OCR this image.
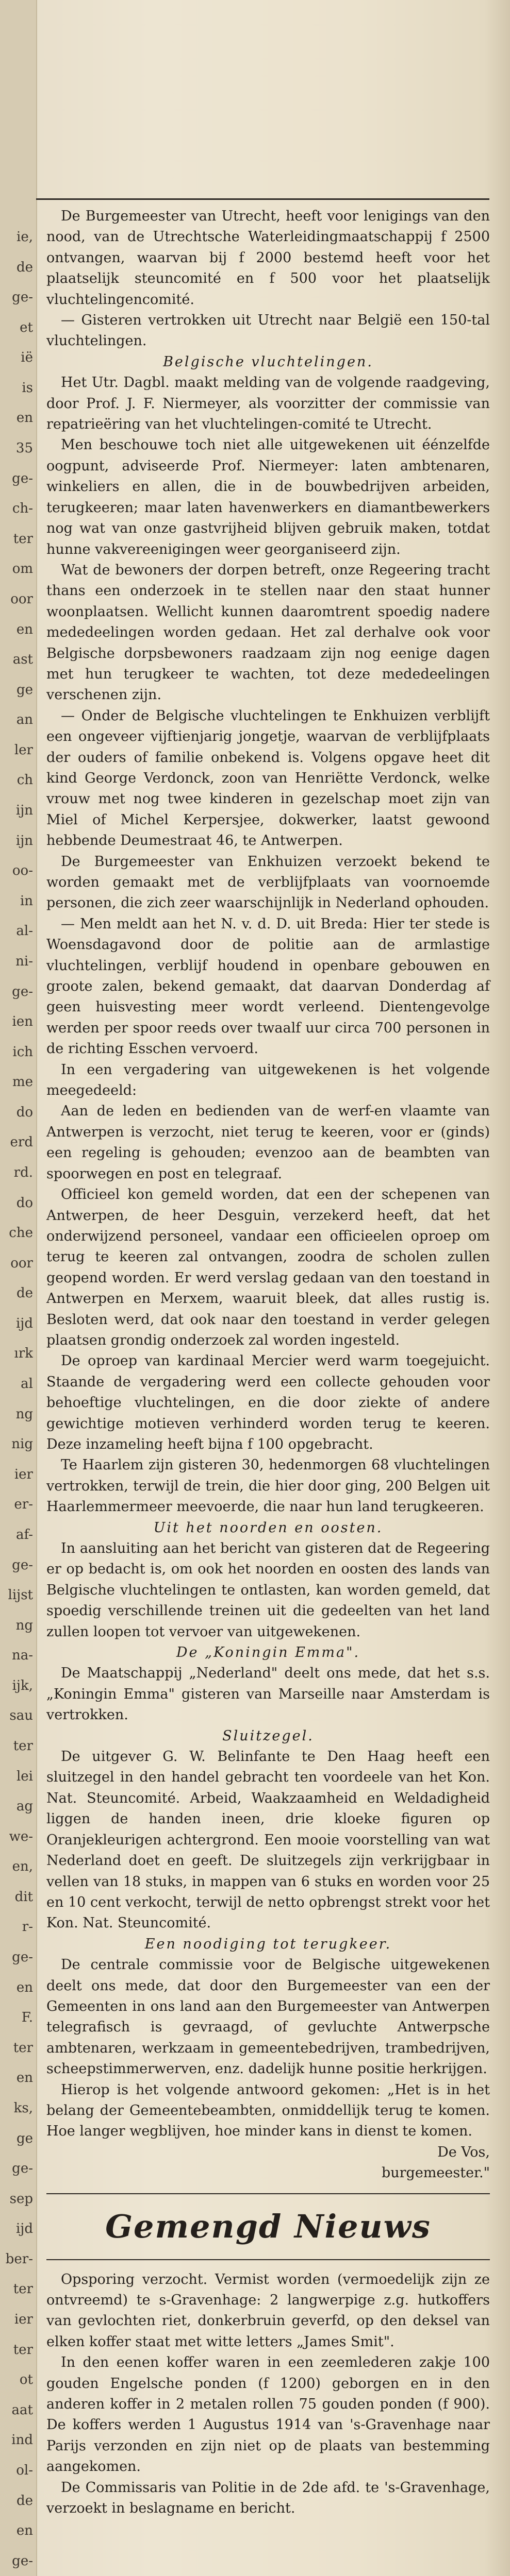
ie,
de
ge-
et
ië
is
en
35
ge-
ch-
ter
om
oor
en
ast
ge
an
ler
ch
ijn
ijn
oo-
in
al-
ni-
ge-
ien
ich
me
do
erd
rd.
do
che
oor
de
ijd
ırk
al
ng
nig
ier
er-
af-
ge-
lijst
ng
na-
ijk,
sau
ter
lei
ag
we-
en,
dit
r-
ge-
en
F.
ter
en
ks,
ge
ge-
sep
ijd
ber-
ter
ier
ter
ot
aat
ind
ol-
de
en
ge-

De Burgemeester van Utrecht, heeft voor lenigings van den nood, van de Utrechtsche Waterleidingmaatschappij f 2500 ontvangen, waarvan bij f 2000 bestemd heeft voor het plaatselijk steuncomité en f 500 voor het plaatselijk vluchtelingencomité.

— Gisteren vertrokken uit Utrecht naar België een 150-tal vluchtelingen.

Belgische vluchtelingen.

Het Utr. Dagbl. maakt melding van de volgende raadgeving, door Prof. J. F. Niermeyer, als voorzitter der commissie van repatrieëring van het vluchtelingen-comité te Utrecht.

Men beschouwe toch niet alle uitgewekenen uit éénzelfde oogpunt, adviseerde Prof. Niermeyer: laten ambtenaren, winkeliers en allen, die in de bouwbedrijven arbeiden, terugkeeren; maar laten havenwerkers en diamantbewerkers nog wat van onze gastvrijheid blijven gebruik maken, totdat hunne vakvereenigingen weer georganiseerd zijn.

Wat de bewoners der dorpen betreft, onze Regeering tracht thans een onderzoek in te stellen naar den staat hunner woonplaatsen. Wellicht kunnen daaromtrent spoedig nadere mededeelingen worden gedaan. Het zal derhalve ook voor Belgische dorpsbewoners raadzaam zijn nog eenige dagen met hun terugkeer te wachten, tot deze mededeelingen verschenen zijn.

— Onder de Belgische vluchtelingen te Enkhuizen verblijft een ongeveer vijftienjarig jongetje, waarvan de verblijfplaats der ouders of familie onbekend is. Volgens opgave heet dit kind George Verdonck, zoon van Henriëtte Verdonck, welke vrouw met nog twee kinderen in gezelschap moet zijn van Miel of Michel Kerpersjee, dokwerker, laatst gewoond hebbende Deumestraat 46, te Antwerpen.

De Burgemeester van Enkhuizen verzoekt bekend te worden gemaakt met de verblijfplaats van voornoemde personen, die zich zeer waarschijnlijk in Nederland ophouden.

— Men meldt aan het N. v. d. D. uit Breda: Hier ter stede is Woensdagavond door de politie aan de armlastige vluchtelingen, verblijf houdend in openbare gebouwen en groote zalen, bekend gemaakt, dat daarvan Donderdag af geen huisvesting meer wordt verleend. Dientengevolge werden per spoor reeds over twaalf uur circa 700 personen in de richting Esschen vervoerd.

In een vergadering van uitgewekenen is het volgende meegedeeld:

Aan de leden en bedienden van de werf-en vlaamte van Antwerpen is verzocht, niet terug te keeren, voor er (ginds) een regeling is gehouden; evenzoo aan de beambten van spoorwegen en post en telegraaf.

Officieel kon gemeld worden, dat een der schepenen van Antwerpen, de heer Desguin, verzekerd heeft, dat het onderwijzend personeel, vandaar een officieelen oproep om terug te keeren zal ontvangen, zoodra de scholen zullen geopend worden. Er werd verslag gedaan van den toestand in Antwerpen en Merxem, waaruit bleek, dat alles rustig is. Besloten werd, dat ook naar den toestand in verder gelegen plaatsen grondig onderzoek zal worden ingesteld.

De oproep van kardinaal Mercier werd warm toegejuicht. Staande de vergadering werd een collecte gehouden voor behoeftige vluchtelingen, en die door ziekte of andere gewichtige motieven verhinderd worden terug te keeren. Deze inzameling heeft bijna f 100 opgebracht.

Te Haarlem zijn gisteren 30, hedenmorgen 68 vluchtelingen vertrokken, terwijl de trein, die hier door ging, 200 Belgen uit Haarlemmermeer meevoerde, die naar hun land terugkeeren.

Uit het noorden en oosten.

In aansluiting aan het bericht van gisteren dat de Regeering er op bedacht is, om ook het noorden en oosten des lands van Belgische vluchtelingen te ontlasten, kan worden gemeld, dat spoedig verschillende treinen uit die gedeelten van het land zullen loopen tot vervoer van uitgewekenen.

De „Koningin Emma".

De Maatschappij „Nederland" deelt ons mede, dat het s.s. „Koningin Emma" gisteren van Marseille naar Amsterdam is vertrokken.

Sluitzegel.

De uitgever G. W. Belinfante te Den Haag heeft een sluitzegel in den handel gebracht ten voordeele van het Kon. Nat. Steuncomité. Arbeid, Waakzaamheid en Weldadigheid liggen de handen ineen, drie kloeke figuren op Oranjekleurigen achtergrond. Een mooie voorstelling van wat Nederland doet en geeft. De sluitzegels zijn verkrijgbaar in vellen van 18 stuks, in mappen van 6 stuks en worden voor 25 en 10 cent verkocht, terwijl de netto opbrengst strekt voor het Kon. Nat. Steuncomité.

Een noodiging tot terugkeer.

De centrale commissie voor de Belgische uitgewekenen deelt ons mede, dat door den Burgemeester van een der Gemeenten in ons land aan den Burgemeester van Antwerpen telegrafisch is gevraagd, of gevluchte Antwerpsche ambtenaren, werkzaam in gemeentebedrijven, trambedrijven, scheepstimmerwerven, enz. dadelijk hunne positie herkrijgen.

Hierop is het volgende antwoord gekomen: „Het is in het belang der Gemeentebeambten, onmiddellijk terug te komen. Hoe langer wegblijven, hoe minder kans in dienst te komen.

De Vos,

burgemeester."

Gemengd Nieuws

Opsporing verzocht. Vermist worden (vermoedelijk zijn ze ontvreemd) te s-Gravenhage: 2 langwerpige z.g. hutkoffers van gevlochten riet, donkerbruin geverfd, op den deksel van elken koffer staat met witte letters „James Smit".

In den eenen koffer waren in een zeemlederen zakje 100 gouden Engelsche ponden (f 1200) geborgen en in den anderen koffer in 2 metalen rollen 75 gouden ponden (f 900). De koffers werden 1 Augustus 1914 van 's-Gravenhage naar Parijs verzonden en zijn niet op de plaats van bestemming aangekomen.

De Commissaris van Politie in de 2de afd. te 's-Gravenhage, verzoekt in beslagname en bericht.
